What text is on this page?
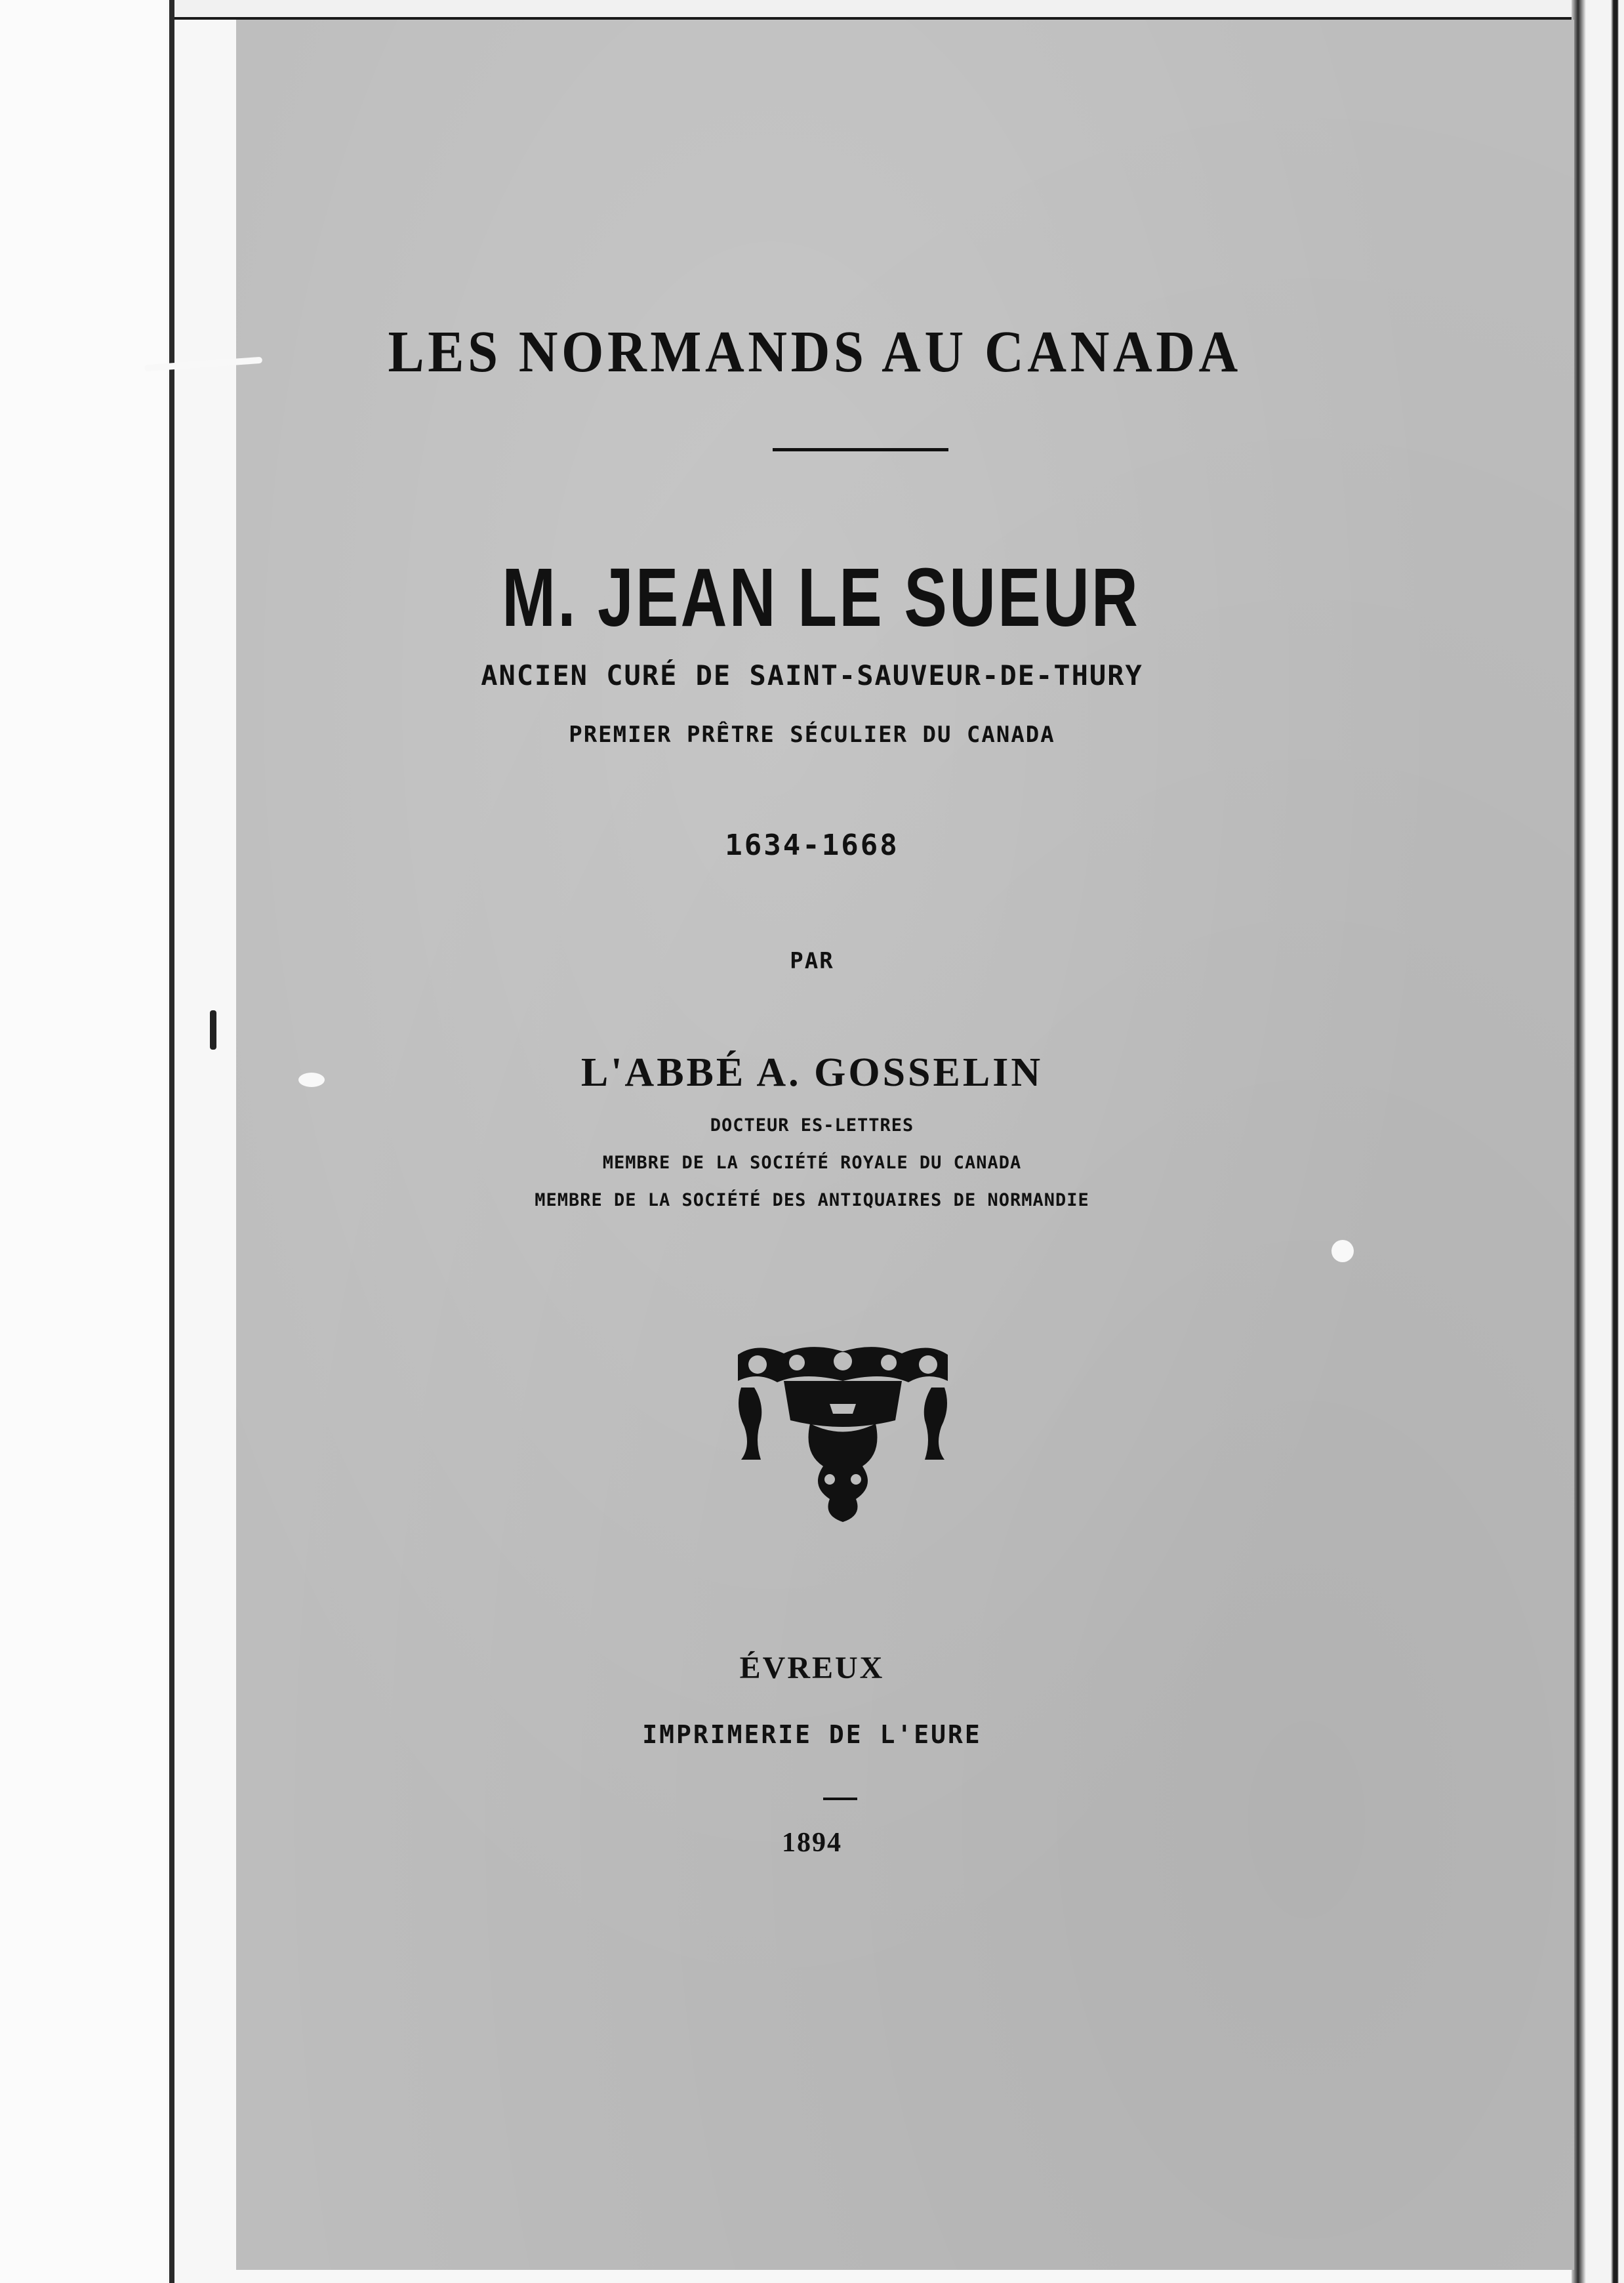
LES NORMANDS AU CANADA
M. JEAN LE SUEUR
ANCIEN CURÉ DE SAINT-SAUVEUR-DE-THURY
PREMIER PRÊTRE SÉCULIER DU CANADA
1634-1668
PAR
L'ABBÉ A. GOSSELIN
DOCTEUR ES-LETTRES
MEMBRE DE LA SOCIÉTÉ ROYALE DU CANADA
MEMBRE DE LA SOCIÉTÉ DES ANTIQUAIRES DE NORMANDIE
ÉVREUX
IMPRIMERIE DE L'EURE
1894
